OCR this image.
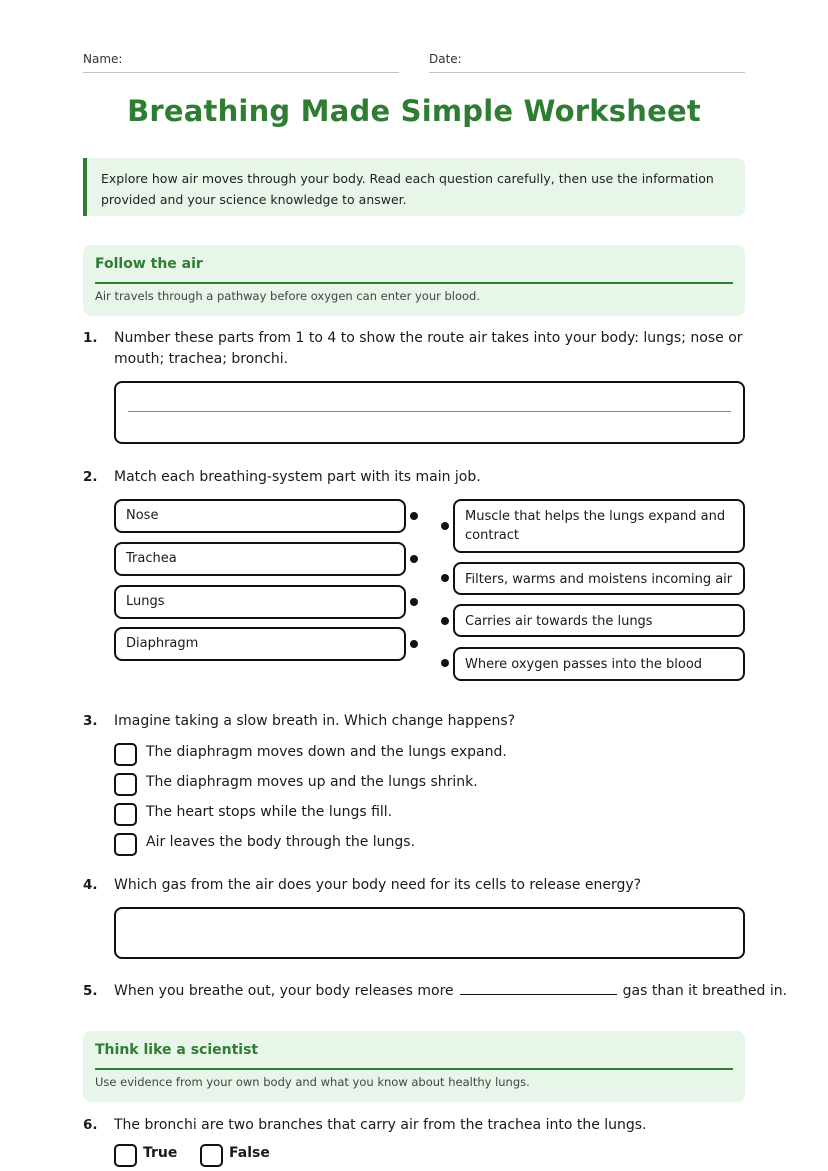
Name:	Date:
Breathing Made Simple Worksheet
Explore how air moves through your body. Read each question carefully, then use the information provided and your science knowledge to answer.
Follow the air
Air travels through a pathway before oxygen can enter your blood.
1. Number these parts from 1 to 4 to show the route air takes into your body: lungs; nose or mouth; trachea; bronchi.
2. Match each breathing-system part with its main job.
Nose
Trachea
Lungs
Diaphragm
Muscle that helps the lungs expand and contract
Filters, warms and moistens incoming air
Carries air towards the lungs
Where oxygen passes into the blood
3. Imagine taking a slow breath in. Which change happens?
The diaphragm moves down and the lungs expand.
The diaphragm moves up and the lungs shrink.
The heart stops while the lungs fill.
Air leaves the body through the lungs.
4. Which gas from the air does your body need for its cells to release energy?
5. When you breathe out, your body releases more	gas than it breathed in.
Think like a scientist
Use evidence from your own body and what you know about healthy lungs.
6. The bronchi are two branches that carry air from the trachea into the lungs.
True	False
